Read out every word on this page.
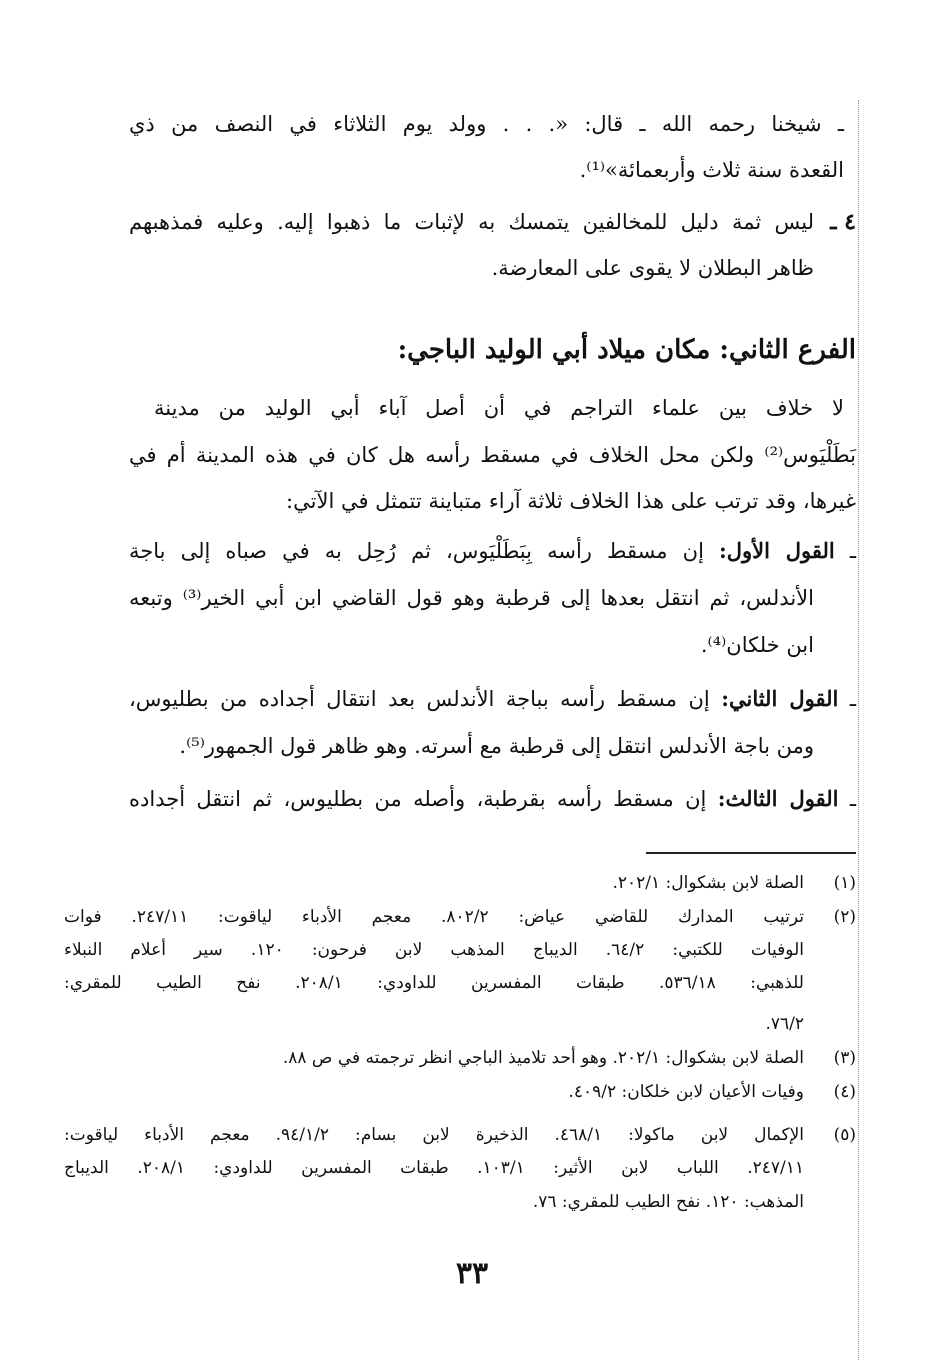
ـ شيخنا رحمه الله ـ قال: «. . . وولد يوم الثلاثاء في النصف من ذي
القعدة سنة ثلاث وأربعمائة»⁽¹⁾.
٤ ـ
ليس ثمة دليل للمخالفين يتمسك به لإثبات ما ذهبوا إليه. وعليه فمذهبهم
ظاهر البطلان لا يقوى على المعارضة.
الفرع الثاني: مكان ميلاد أبي الوليد الباجي:
لا خلاف بين علماء التراجم في أن أصل آباء أبي الوليد من مدينة
بَطَلْيَوس⁽²⁾ ولكن محل الخلاف في مسقط رأسه هل كان في هذه المدينة أم في
غيرها، وقد ترتب على هذا الخلاف ثلاثة آراء متباينة تتمثل في الآتي:
ـ القول الأول: إن مسقط رأسه بِبَطَلْيَوس، ثم رُحِل به في صباه إلى باجة
الأندلس، ثم انتقل بعدها إلى قرطبة وهو قول القاضي ابن أبي الخير⁽³⁾ وتبعه
ابن خلكان⁽⁴⁾.
ـ القول الثاني: إن مسقط رأسه بباجة الأندلس بعد انتقال أجداده من بطليوس،
ومن باجة الأندلس انتقل إلى قرطبة مع أسرته. وهو ظاهر قول الجمهور⁽⁵⁾.
ـ القول الثالث: إن مسقط رأسه بقرطبة، وأصله من بطليوس، ثم انتقل أجداده
(١)
الصلة لابن بشكوال: ٢٠٢/١.
(٢)
ترتيب المدارك للقاضي عياض: ٨٠٢/٢. معجم الأدباء لياقوت: ٢٤٧/١١. فوات
الوفيات للكتبي: ٦٤/٢. الديباج المذهب لابن فرحون: ١٢٠. سير أعلام النبلاء
للذهبي: ٥٣٦/١٨. طبقات المفسرين للداودي: ٢٠٨/١. نفح الطيب للمقري:
٧٦/٢.
(٣)
الصلة لابن بشكوال: ٢٠٢/١. وهو أحد تلاميذ الباجي انظر ترجمته في ص ٨٨.
(٤)
وفيات الأعيان لابن خلكان: ٤٠٩/٢.
(٥)
الإكمال لابن ماكولا: ٤٦٨/١. الذخيرة لابن بسام: ٩٤/١/٢. معجم الأدباء لياقوت:
٢٤٧/١١. اللباب لابن الأثير: ١٠٣/١. طبقات المفسرين للداودي: ٢٠٨/١. الديباج
المذهب: ١٢٠. نفح الطيب للمقري: ٧٦.
٣٣
